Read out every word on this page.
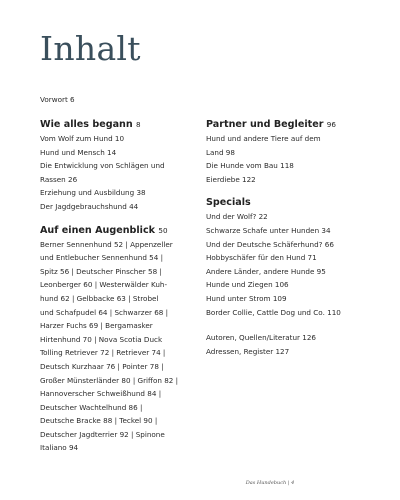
Inhalt
Vorwort 6
Wie alles begann 8
Vom Wolf zum Hund 10
Hund und Mensch 14
Die Entwicklung von Schlägen und
Rassen 26
Erziehung und Ausbildung 38
Der Jagdgebrauchshund 44
Auf einen Augenblick 50
Berner Sennenhund 52 | Appenzeller
und Entlebucher Sennenhund 54 |
Spitz 56 | Deutscher Pinscher 58 |
Leonberger 60 | Westerwälder Kuh-
hund 62 | Gelbbacke 63 | Strobel
und Schafpudel 64 | Schwarzer 68 |
Harzer Fuchs 69 | Bergamasker
Hirtenhund 70 | Nova Scotia Duck
Tolling Retriever 72 | Retriever 74 |
Deutsch Kurzhaar 76 | Pointer 78 |
Großer Münsterländer 80 | Griffon 82 |
Hannoverscher Schweißhund 84 |
Deutscher Wachtelhund 86 |
Deutsche Bracke 88 | Teckel 90 |
Deutscher Jagdterrier 92 | Spinone
Italiano 94
Partner und Begleiter 96
Hund und andere Tiere auf dem
Land 98
Die Hunde vom Bau 118
Eierdiebe 122
Specials
Und der Wolf? 22
Schwarze Schafe unter Hunden 34
Und der Deutsche Schäferhund? 66
Hobbyschäfer für den Hund 71
Andere Länder, andere Hunde 95
Hunde und Ziegen 106
Hund unter Strom 109
Border Collie, Cattle Dog und Co. 110
Autoren, Quellen/Literatur 126
Adressen, Register 127
Das Hundebuch | 4
